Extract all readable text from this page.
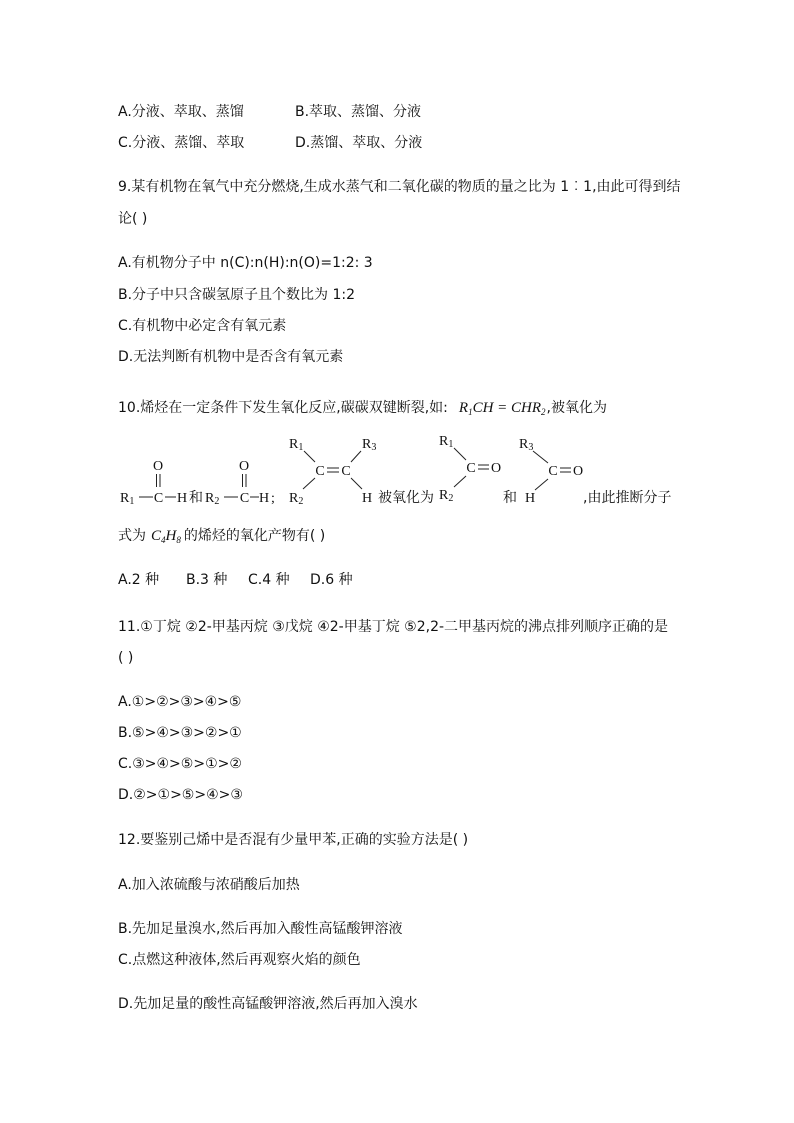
A.分液、萃取、蒸馏	B.萃取、蒸馏、分液
C.分液、蒸馏、萃取	D.蒸馏、萃取、分液
9.某有机物在氧气中充分燃烧,生成水蒸气和二氧化碳的物质的量之比为 1︰1,由此可得到结
论( )
A.有机物分子中 n(C):n(H):n(O)=1:2: 3
B.分子中只含碳氢原子且个数比为 1:2
C.有机物中必定含有氧元素
D.无法判断有机物中是否含有氧元素
10.烯烃在一定条件下发生氧化反应,碳碳双键断裂,如: $R_1CH = CHR_2$,被氧化为
O
R1 C H 和
O
R2 C H ;
R1	R3
C C
R2	H 被氧化为
R1
C O
R2	和
R3
C O
H	,由此推断分子
式为 $C_4H_8$ 的烯烃的氧化产物有( )
A.2 种 B.3 种 C.4 种 D.6 种
11.①丁烷 ②2-甲基丙烷 ③戊烷 ④2-甲基丁烷 ⑤2,2-二甲基丙烷的沸点排列顺序正确的是
( )
A.①>②>③>④>⑤
B.⑤>④>③>②>①
C.③>④>⑤>①>②
D.②>①>⑤>④>③
12.要鉴别己烯中是否混有少量甲苯,正确的实验方法是( )
A.加入浓硫酸与浓硝酸后加热
B.先加足量溴水,然后再加入酸性高锰酸钾溶液
C.点燃这种液体,然后再观察火焰的颜色
D.先加足量的酸性高锰酸钾溶液,然后再加入溴水
